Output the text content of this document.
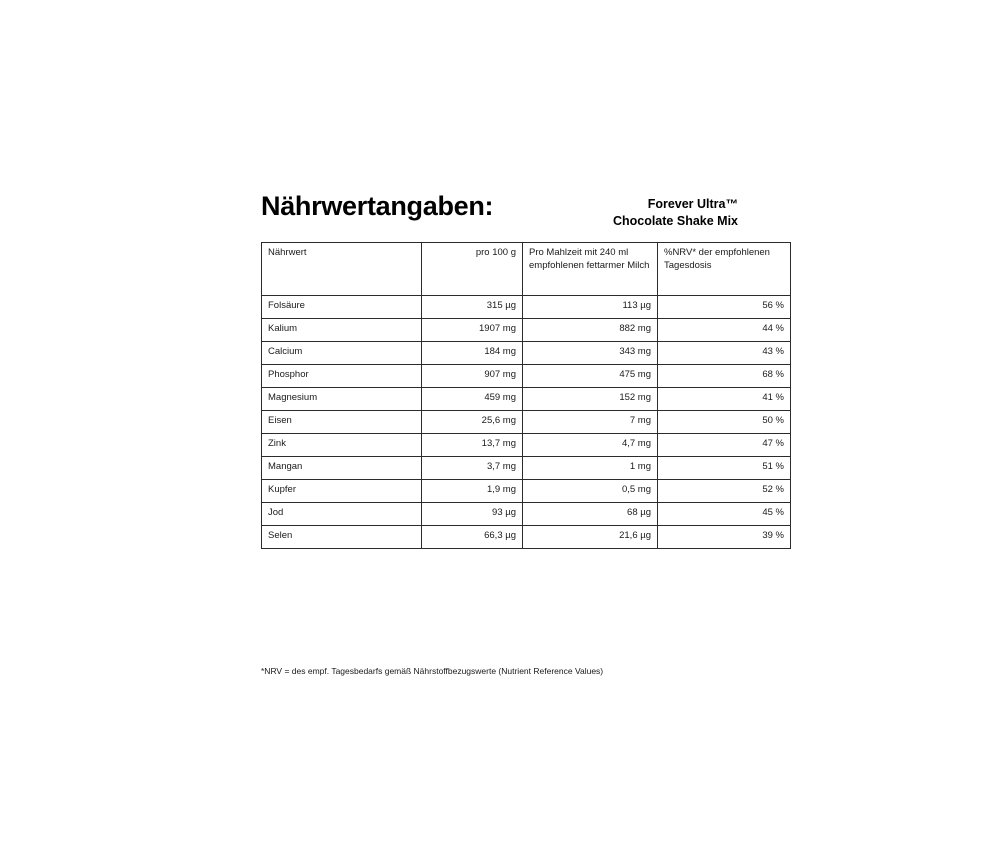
Nährwertangaben:	Forever Ultra™
Chocolate Shake Mix
Nährwert	pro 100 g	Pro Mahlzeit mit 240 ml empfohlenen fettarmer Milch	%NRV* der empfohlenen Tagesdosis
Folsäure	315 µg	113 µg	56 %
Kalium	1907 mg	882 mg	44 %
Calcium	184 mg	343 mg	43 %
Phosphor	907 mg	475 mg	68 %
Magnesium	459 mg	152 mg	41 %
Eisen	25,6 mg	7 mg	50 %
Zink	13,7 mg	4,7 mg	47 %
Mangan	3,7 mg	1 mg	51 %
Kupfer	1,9 mg	0,5 mg	52 %
Jod	93 µg	68 µg	45 %
Selen	66,3 µg	21,6 µg	39 %
*NRV = des empf. Tagesbedarfs gemäß Nährstoffbezugswerte (Nutrient Reference Values)
